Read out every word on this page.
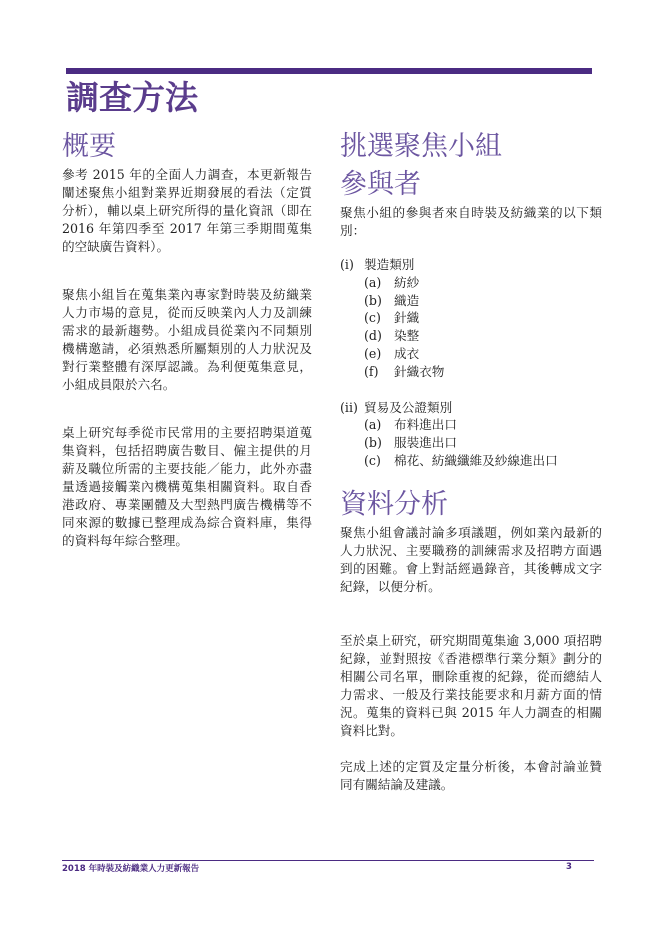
調查方法
概要

參考 2015 年的全面人力調查，本更新報告闡述聚焦小組對業界近期發展的看法（定質分析），輔以桌上研究所得的量化資訊（即在 2016 年第四季至 2017 年第三季期間蒐集的空缺廣告資料）。

聚焦小組旨在蒐集業內專家對時裝及紡織業人力市場的意見，從而反映業內人力及訓練需求的最新趨勢。小組成員從業內不同類別機構邀請，必須熟悉所屬類別的人力狀況及對行業整體有深厚認識。為利便蒐集意見，小組成員限於六名。

桌上研究每季從市民常用的主要招聘渠道蒐集資料，包括招聘廣告數目、僱主提供的月薪及職位所需的主要技能／能力，此外亦盡量透過接觸業內機構蒐集相關資料。取自香港政府、專業團體及大型熱門廣告機構等不同來源的數據已整理成為綜合資料庫，集得的資料每年綜合整理。

挑選聚焦小組
參與者

聚焦小組的參與者來自時裝及紡織業的以下類別：

(i) 製造類別
(a)	紡紗
(b) 織造
(c)	針織
(d) 染整
(e)	成衣
(f)	針織衣物
(ii) 貿易及公證類別
(a)	布料進出口
(b) 服裝進出口
(c)	棉花、紡織纖維及紗線進出口
資料分析

聚焦小組會議討論多項議題，例如業內最新的人力狀況、主要職務的訓練需求及招聘方面遇到的困難。會上對話經過錄音，其後轉成文字紀錄，以便分析。

至於桌上研究，研究期間蒐集逾 3,000 項招聘紀錄，並對照按《香港標準行業分類》劃分的相關公司名單，刪除重複的紀錄，從而總結人力需求、一般及行業技能要求和月薪方面的情況。蒐集的資料已與 2015 年人力調查的相關資料比對。

完成上述的定質及定量分析後，本會討論並贊同有關結論及建議。

2018 年時裝及紡織業人力更新報告	3
